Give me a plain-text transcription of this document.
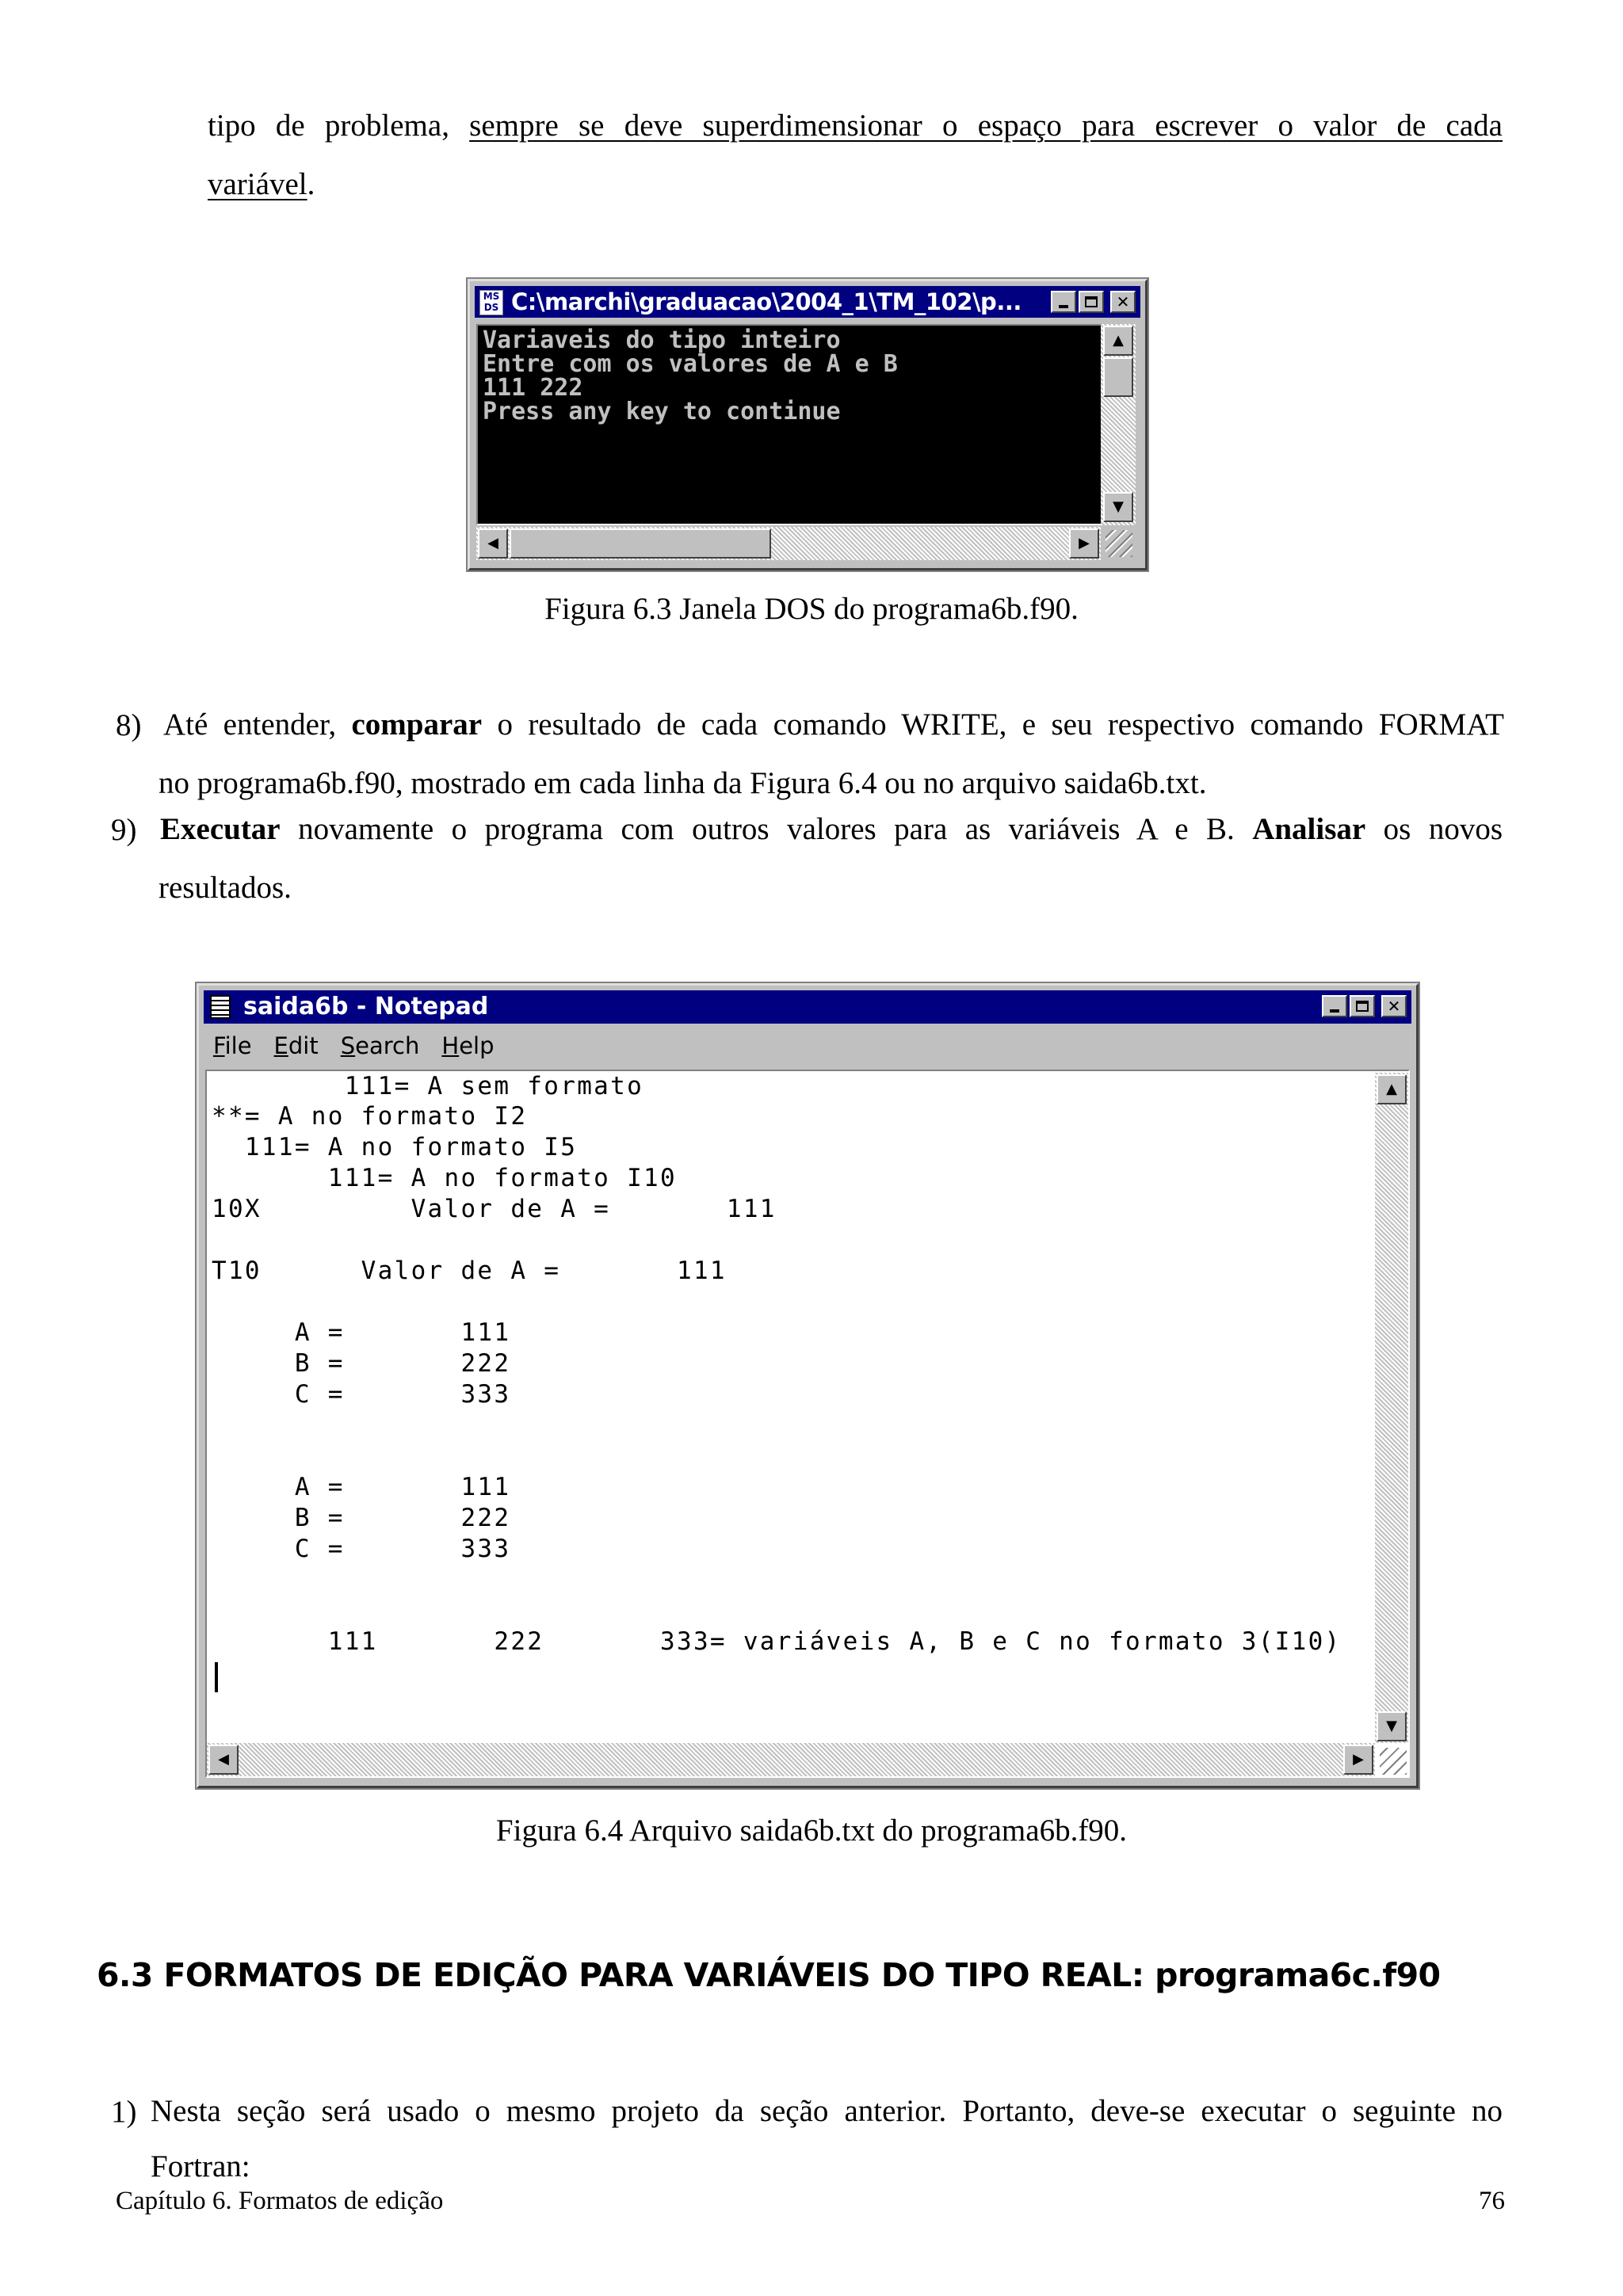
tipo de problema, sempre se deve superdimensionar o espaço para escrever o valor de cada
variável.
MS DS C:\marchi\graduacao\2004_1\TM_102\p...	✕
Variaveis do tipo inteiro
Entre com os valores de A e B
111 222
Press any key to continue
▲
▼
◀	▶
Figura 6.3 Janela DOS do programa6b.f90.
8) Até entender, comparar o resultado de cada comando WRITE, e seu respectivo comando FORMAT
no programa6b.f90, mostrado em cada linha da Figura 6.4 ou no arquivo saida6b.txt.
9) Executar novamente o programa com outros valores para as variáveis A e B. Analisar os novos
resultados.
saida6b - Notepad	✕
File Edit Search Help
111= A sem formato
**= A no formato I2
111= A no formato I5
111= A no formato I10
10X         Valor de A =       111
T10      Valor de A =       111
A =       111
B =       222
C =       333
A =       111
B =       222
C =       333
111       222       333= variáveis A, B e C no formato 3(I10)
▲
▼
◀	▶
Figura 6.4 Arquivo saida6b.txt do programa6b.f90.
6.3 FORMATOS DE EDIÇÃO PARA VARIÁVEIS DO TIPO REAL: programa6c.f90
1) Nesta seção será usado o mesmo projeto da seção anterior. Portanto, deve-se executar o seguinte no
Fortran:
Capítulo 6. Formatos de edição	76
